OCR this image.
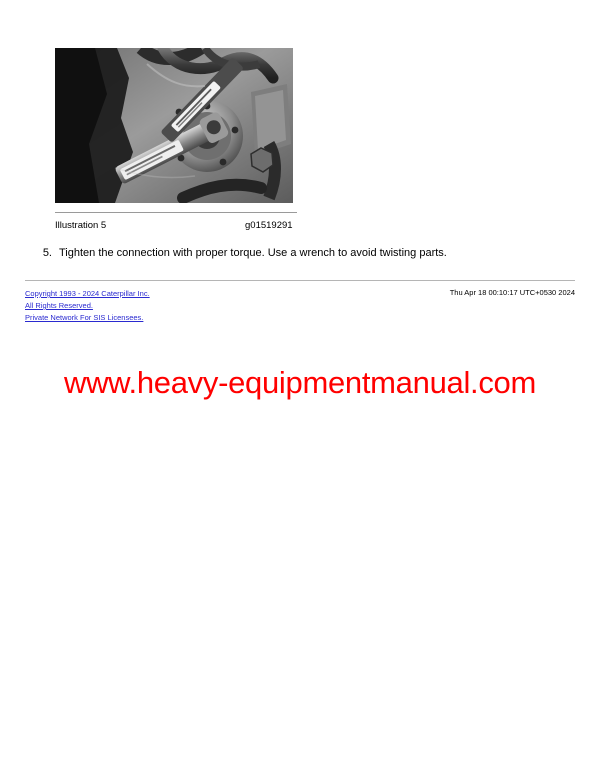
Illustration 5	g01519291
5. Tighten the connection with proper torque. Use a wrench to avoid twisting parts.
Copyright 1993 - 2024 Caterpillar Inc.
All Rights Reserved.
Private Network For SIS Licensees.
Thu Apr 18 00:10:17 UTC+0530 2024
www.heavy-equipmentmanual.com
